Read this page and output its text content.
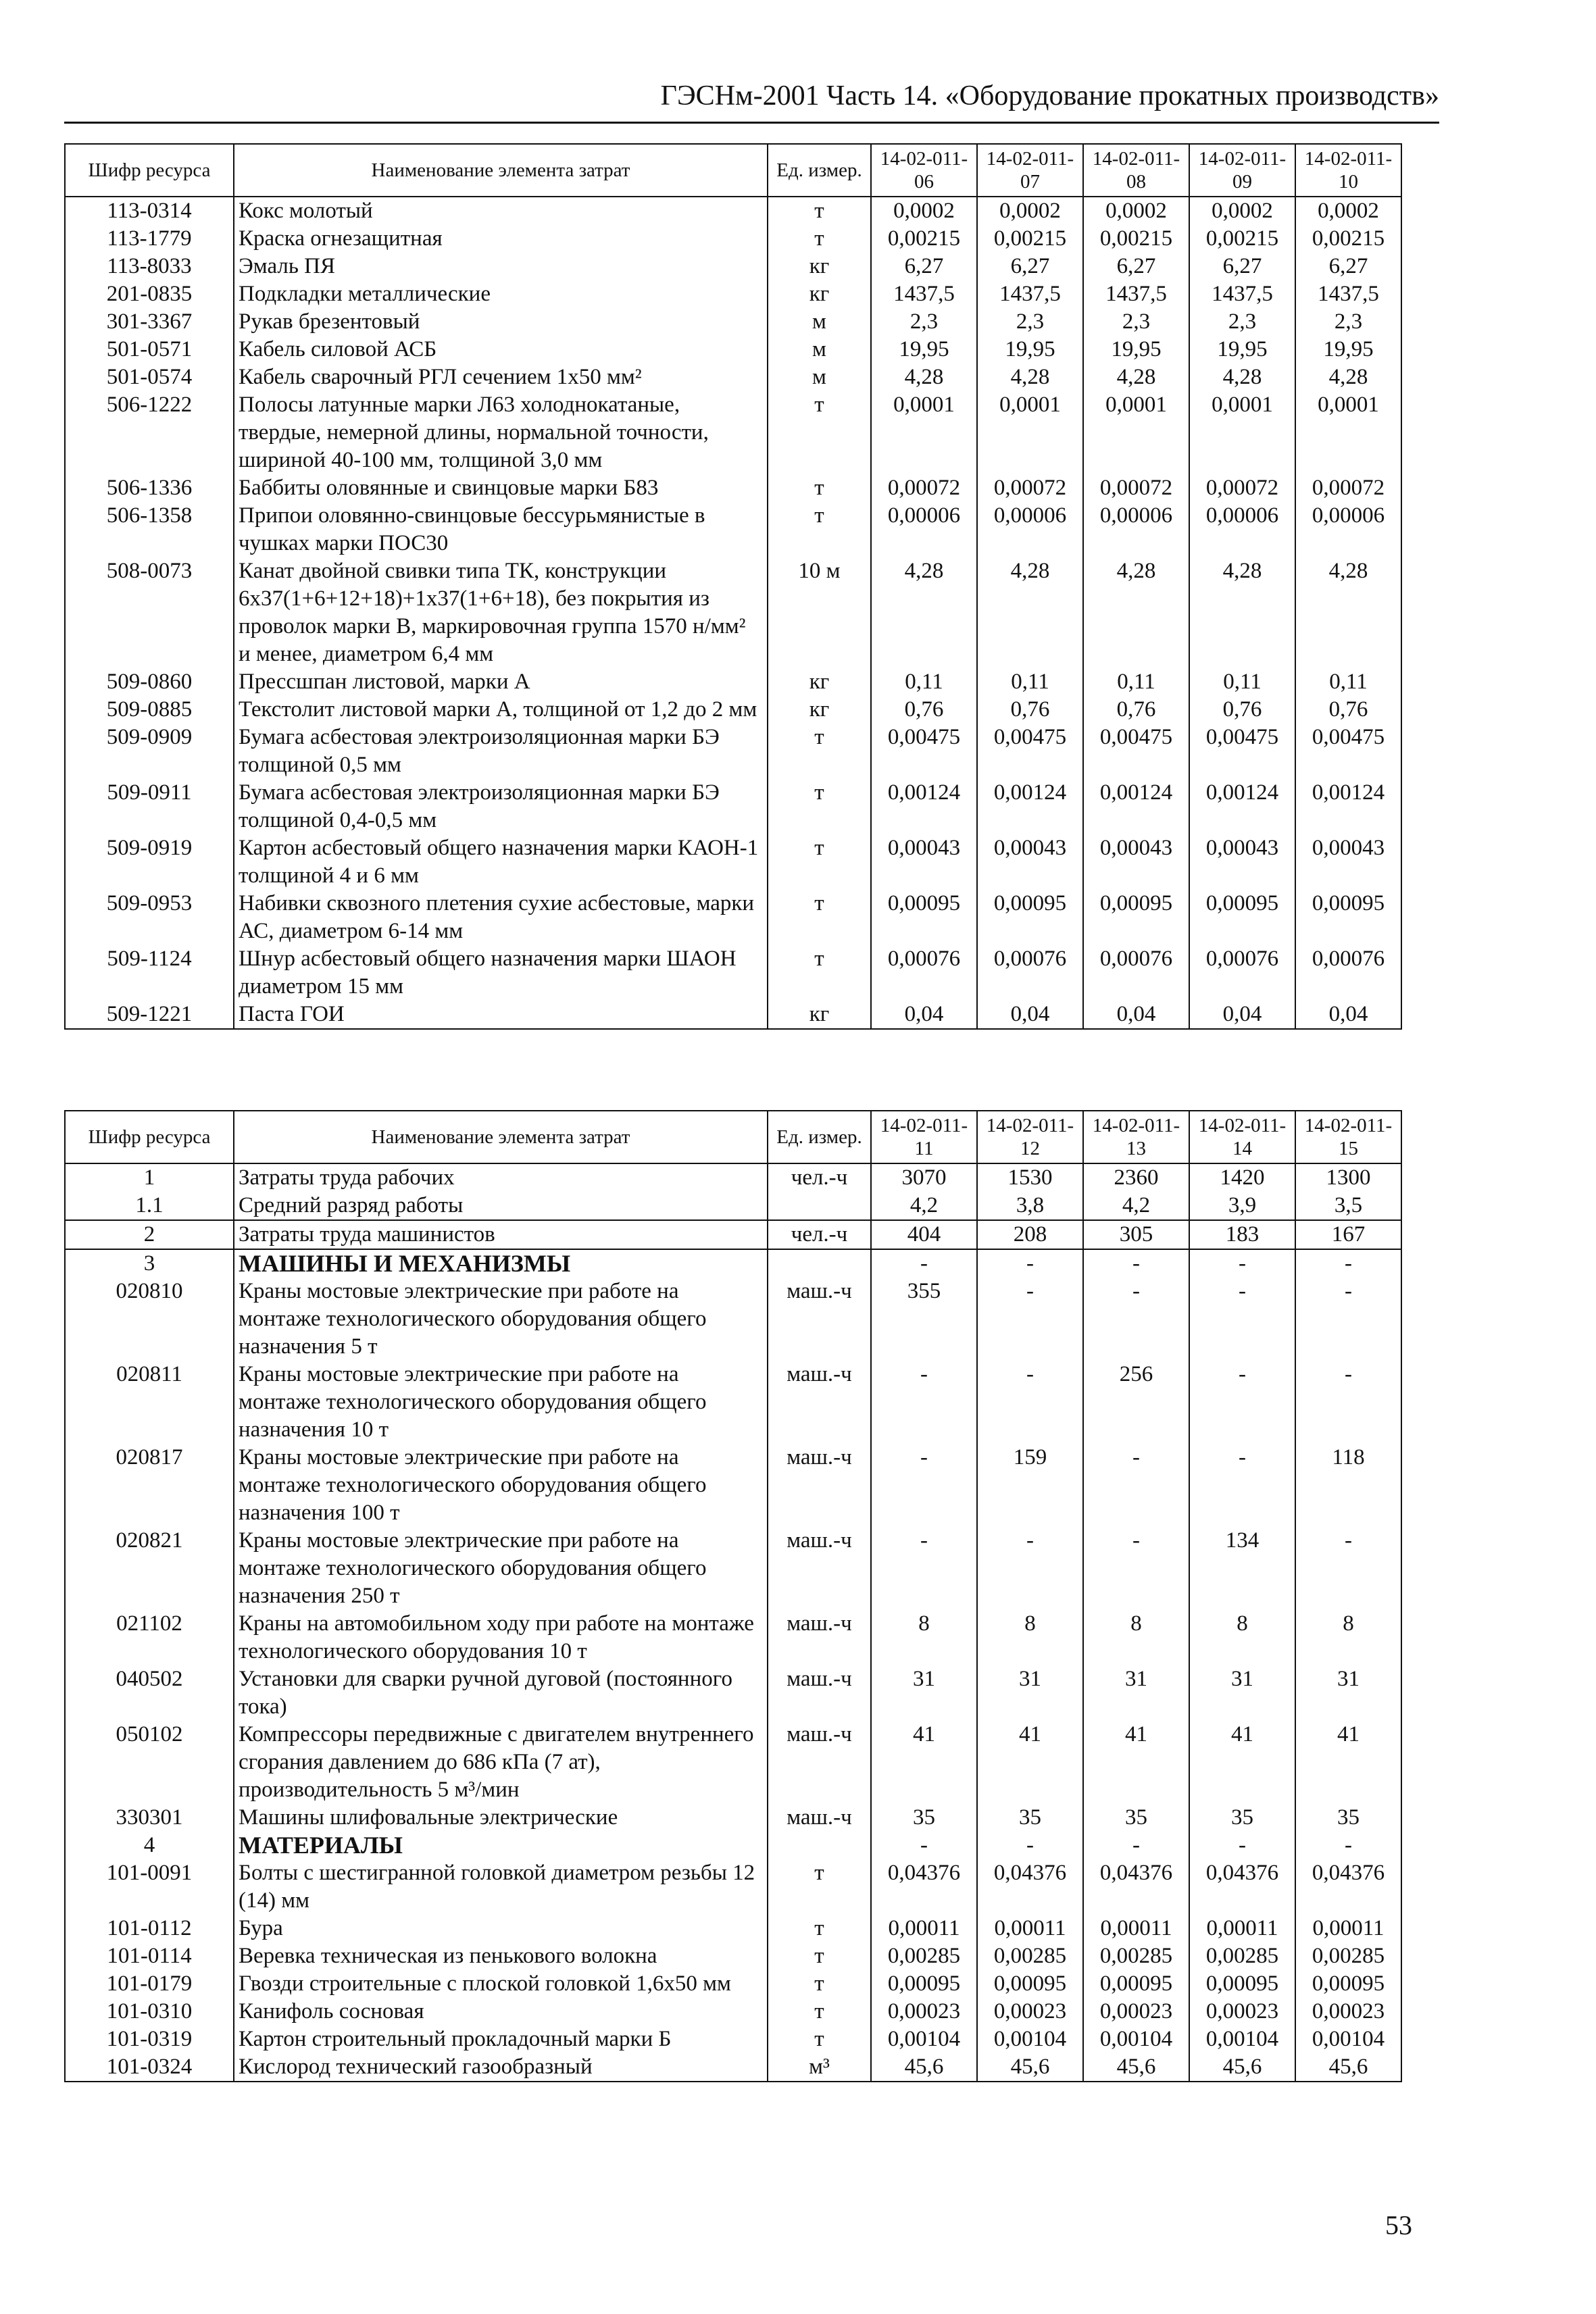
ГЭСНм-2001 Часть 14. «Оборудование прокатных производств»
Шифр ресурса	Наименование элемента затрат	Ед. измер.	14-02-011-06	14-02-011-07	14-02-011-08	14-02-011-09	14-02-011-10
113-0314	Кокс молотый	т	0,0002	0,0002	0,0002	0,0002	0,0002
113-1779	Краска огнезащитная	т	0,00215	0,00215	0,00215	0,00215	0,00215
113-8033	Эмаль ПЯ	кг	6,27	6,27	6,27	6,27	6,27
201-0835	Подкладки металлические	кг	1437,5	1437,5	1437,5	1437,5	1437,5
301-3367	Рукав брезентовый	м	2,3	2,3	2,3	2,3	2,3
501-0571	Кабель силовой АСБ	м	19,95	19,95	19,95	19,95	19,95
501-0574	Кабель сварочный РГЛ сечением 1х50 мм²	м	4,28	4,28	4,28	4,28	4,28
506-1222	Полосы латунные марки Л63 холоднокатаные, твердые, немерной длины, нормальной точности, шириной 40-100 мм, толщиной 3,0 мм	т	0,0001	0,0001	0,0001	0,0001	0,0001
506-1336	Баббиты оловянные и свинцовые марки Б83	т	0,00072	0,00072	0,00072	0,00072	0,00072
506-1358	Припои оловянно-свинцовые бессурьмянистые в чушках марки ПОС30	т	0,00006	0,00006	0,00006	0,00006	0,00006
508-0073	Канат двойной свивки типа ТК, конструкции 6х37(1+6+12+18)+1х37(1+6+18), без покрытия из проволок марки В, маркировочная группа 1570 н/мм² и менее, диаметром 6,4 мм	10 м	4,28	4,28	4,28	4,28	4,28
509-0860	Прессшпан листовой, марки А	кг	0,11	0,11	0,11	0,11	0,11
509-0885	Текстолит листовой марки А, толщиной от 1,2 до 2 мм	кг	0,76	0,76	0,76	0,76	0,76
509-0909	Бумага асбестовая электроизоляционная марки БЭ толщиной 0,5 мм	т	0,00475	0,00475	0,00475	0,00475	0,00475
509-0911	Бумага асбестовая электроизоляционная марки БЭ толщиной 0,4-0,5 мм	т	0,00124	0,00124	0,00124	0,00124	0,00124
509-0919	Картон асбестовый общего назначения марки КАОН-1 толщиной 4 и 6 мм	т	0,00043	0,00043	0,00043	0,00043	0,00043
509-0953	Набивки сквозного плетения сухие асбестовые, марки АС, диаметром 6-14 мм	т	0,00095	0,00095	0,00095	0,00095	0,00095
509-1124	Шнур асбестовый общего назначения марки ШАОН диаметром 15 мм	т	0,00076	0,00076	0,00076	0,00076	0,00076
509-1221	Паста ГОИ	кг	0,04	0,04	0,04	0,04	0,04
Шифр ресурса	Наименование элемента затрат	Ед. измер.	14-02-011-11	14-02-011-12	14-02-011-13	14-02-011-14	14-02-011-15
1	Затраты труда рабочих	чел.-ч	3070	1530	2360	1420	1300
1.1	Средний разряд работы		4,2	3,8	4,2	3,9	3,5
2	Затраты труда машинистов	чел.-ч	404	208	305	183	167
3	МАШИНЫ И МЕХАНИЗМЫ		-	-	-	-	-
020810	Краны мостовые электрические при работе на монтаже технологического оборудования общего назначения 5 т	маш.-ч	355	-	-	-	-
020811	Краны мостовые электрические при работе на монтаже технологического оборудования общего назначения 10 т	маш.-ч	-	-	256	-	-
020817	Краны мостовые электрические при работе на монтаже технологического оборудования общего назначения 100 т	маш.-ч	-	159	-	-	118
020821	Краны мостовые электрические при работе на монтаже технологического оборудования общего назначения 250 т	маш.-ч	-	-	-	134	-
021102	Краны на автомобильном ходу при работе на монтаже технологического оборудования 10 т	маш.-ч	8	8	8	8	8
040502	Установки для сварки ручной дуговой (постоянного тока)	маш.-ч	31	31	31	31	31
050102	Компрессоры передвижные с двигателем внутреннего сгорания давлением до 686 кПа (7 ат), производительность 5 м³/мин	маш.-ч	41	41	41	41	41
330301	Машины шлифовальные электрические	маш.-ч	35	35	35	35	35
4	МАТЕРИАЛЫ		-	-	-	-	-
101-0091	Болты с шестигранной головкой диаметром резьбы 12 (14) мм	т	0,04376	0,04376	0,04376	0,04376	0,04376
101-0112	Бура	т	0,00011	0,00011	0,00011	0,00011	0,00011
101-0114	Веревка техническая из пенькового волокна	т	0,00285	0,00285	0,00285	0,00285	0,00285
101-0179	Гвозди строительные с плоской головкой 1,6х50 мм	т	0,00095	0,00095	0,00095	0,00095	0,00095
101-0310	Канифоль сосновая	т	0,00023	0,00023	0,00023	0,00023	0,00023
101-0319	Картон строительный прокладочный марки Б	т	0,00104	0,00104	0,00104	0,00104	0,00104
101-0324	Кислород технический газообразный	м³	45,6	45,6	45,6	45,6	45,6
53
